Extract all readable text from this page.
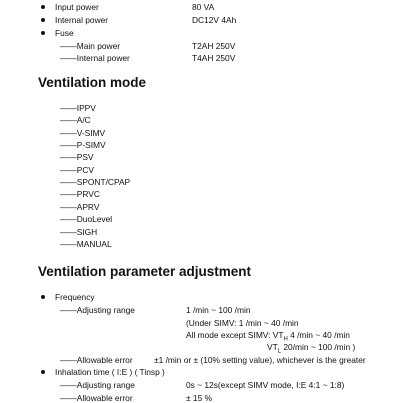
Input power	80 VA
Internal power	DC12V 4Ah
Fuse
——Main power	T2AH 250V
——Internal power	T4AH 250V
Ventilation mode
——IPPV
——A/C
——V-SIMV
——P-SIMV
——PSV
——PCV
——SPONT/CPAP
——PRVC
——APRV
——DuoLevel
——SIGH
——MANUAL
Ventilation parameter adjustment
Frequency
——Adjusting range	1 /min ~ 100 /min
(Under SIMV: 1 /min ~ 40 /min
All mode except SIMV: $VT_H$ 4 /min ~ 40 /min
$VT_L$ 20/min ~ 100 /min )
——Allowable error	±1 /min or ± (10% setting value), whichever is the greater
Inhalation time ( I:E ) ( Tinsp )
——Adjusting range	0s ~ 12s(except SIMV mode, I:E 4:1 ~ 1:8)
——Allowable error	± 15 %
